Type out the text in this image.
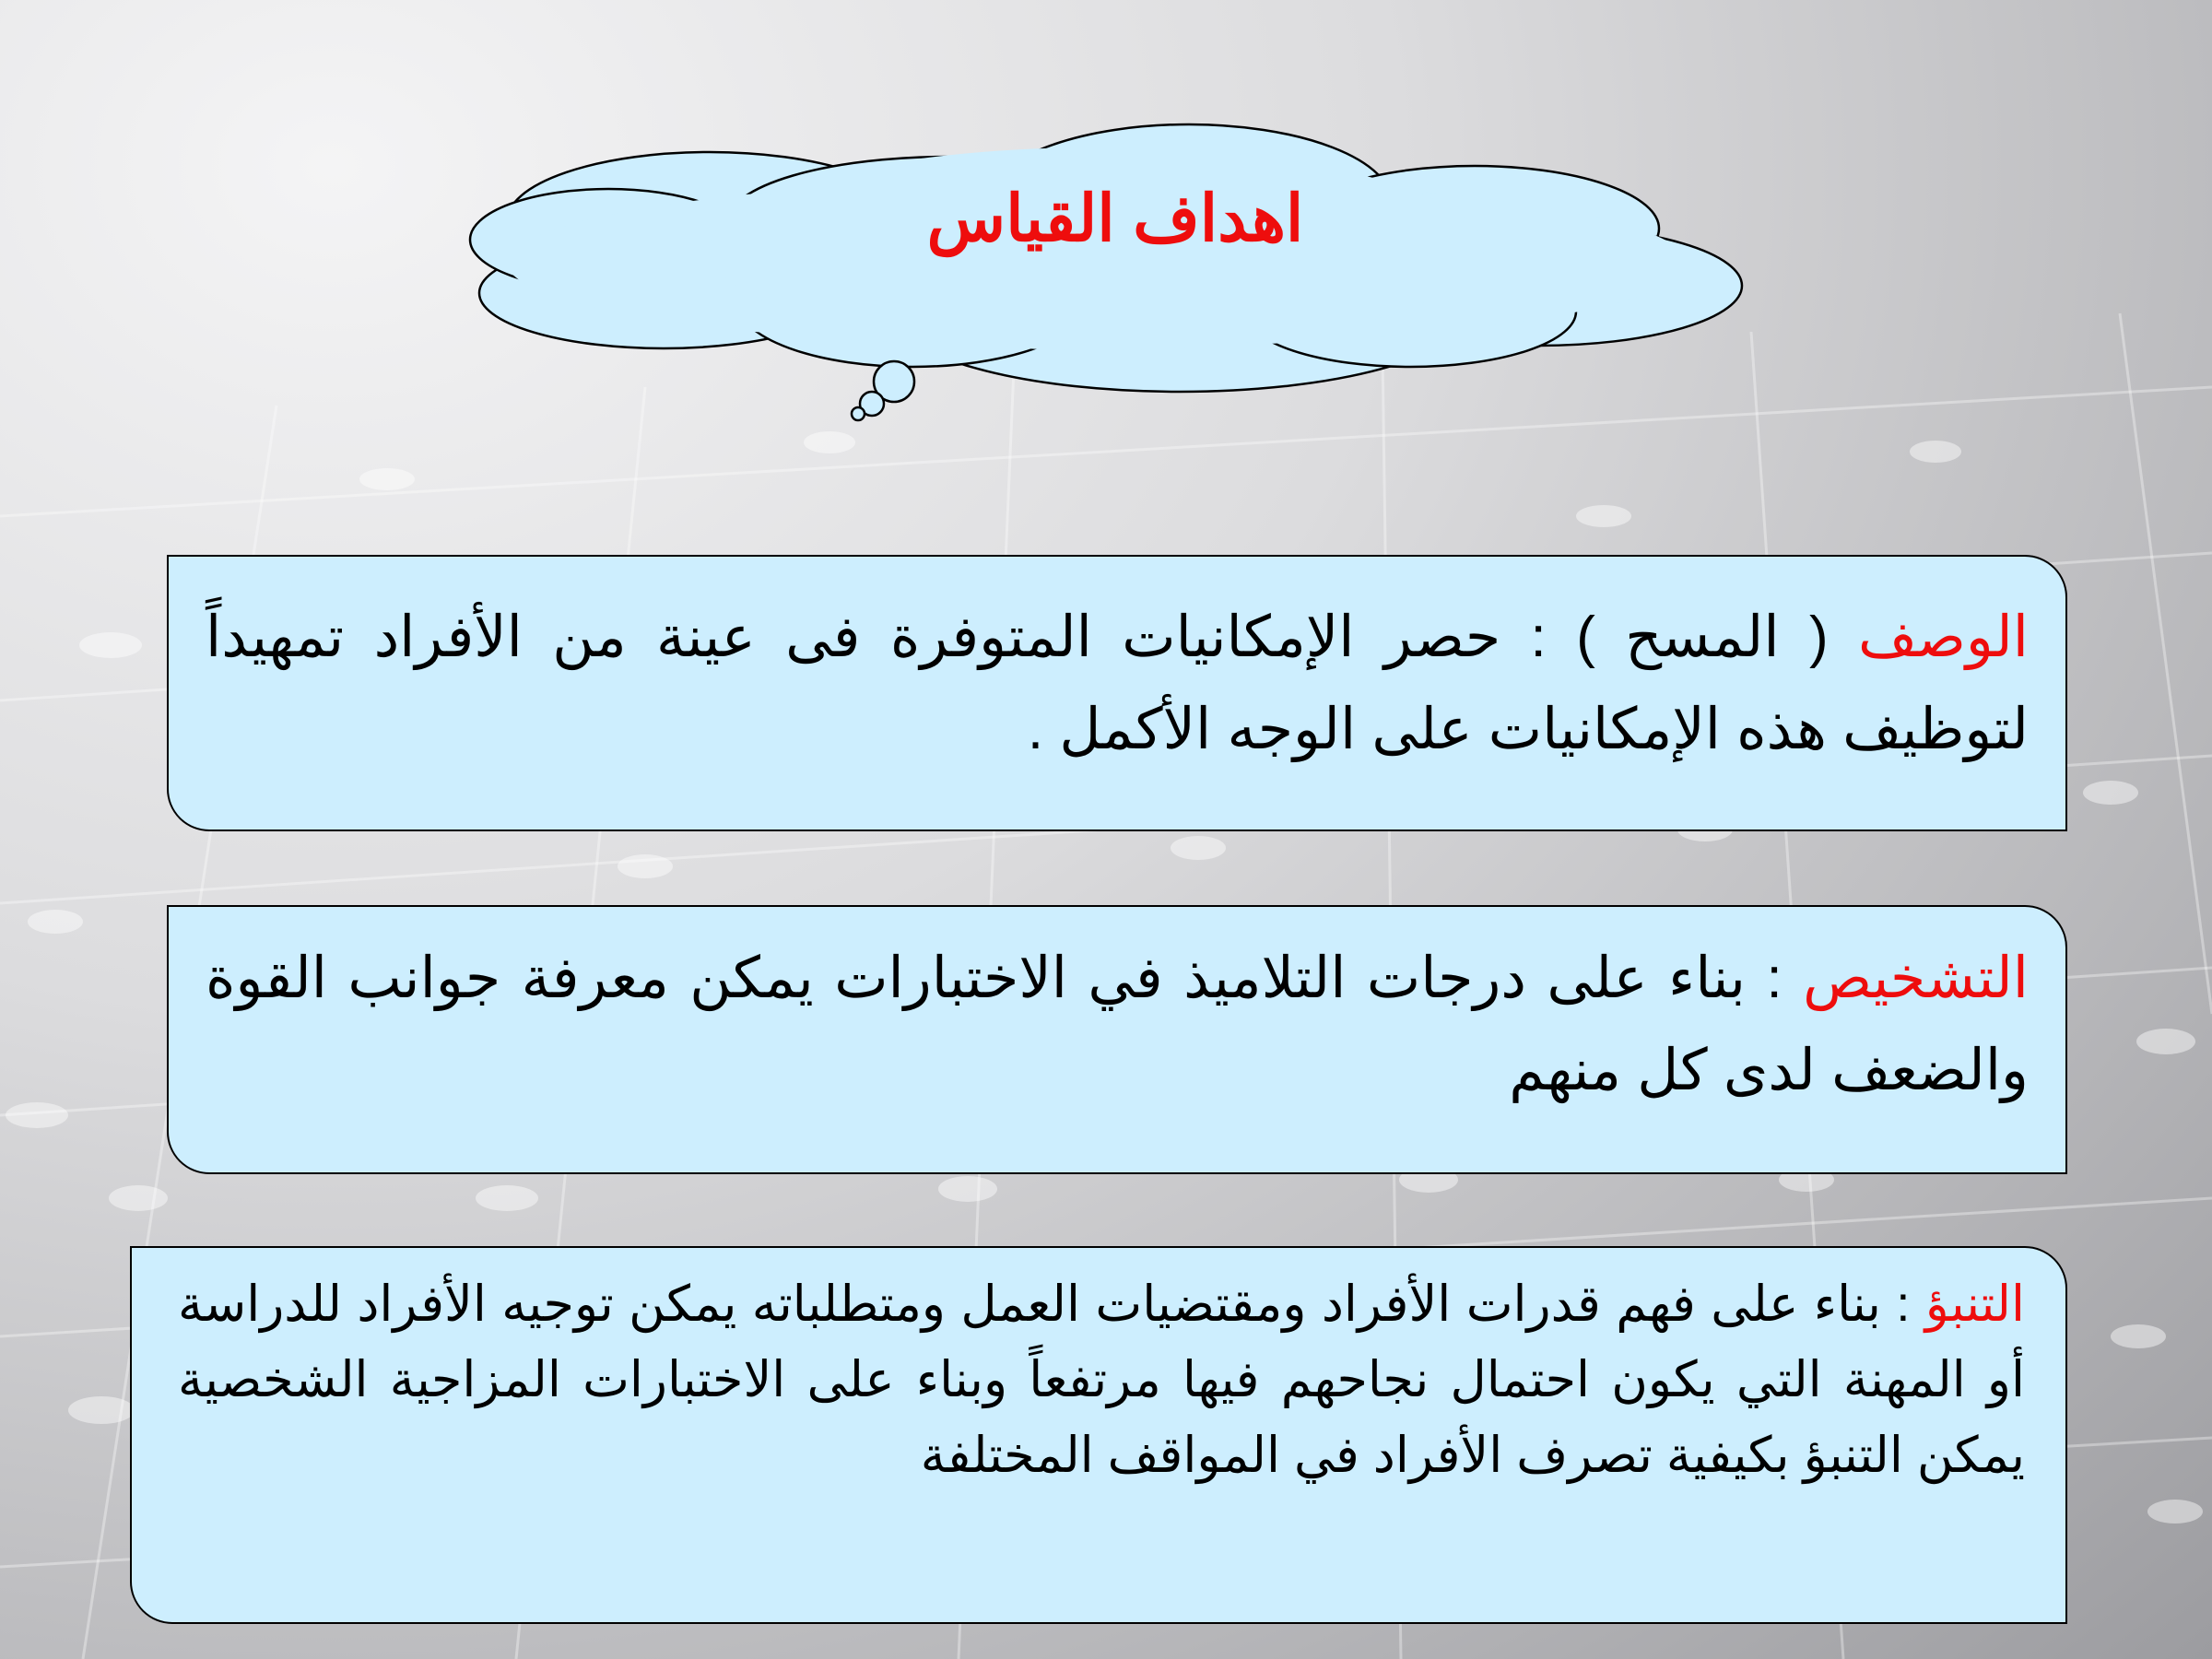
اهداف القياس

الوصف ( المسح ) : حصر الإمكانيات المتوفرة فى عينة من الأفراد تمهيداً لتوظيف هذه الإمكانيات على الوجه الأكمل .

التشخيص : بناء على درجات التلاميذ في الاختبارات يمكن معرفة جوانب القوة والضعف لدى كل منهم

التنبؤ : بناء على فهم قدرات الأفراد ومقتضيات العمل ومتطلباته يمكن توجيه الأفراد للدراسة أو المهنة التي يكون احتمال نجاحهم فيها مرتفعاً وبناء على الاختبارات المزاجية الشخصية يمكن التنبؤ بكيفية تصرف الأفراد في المواقف المختلفة
